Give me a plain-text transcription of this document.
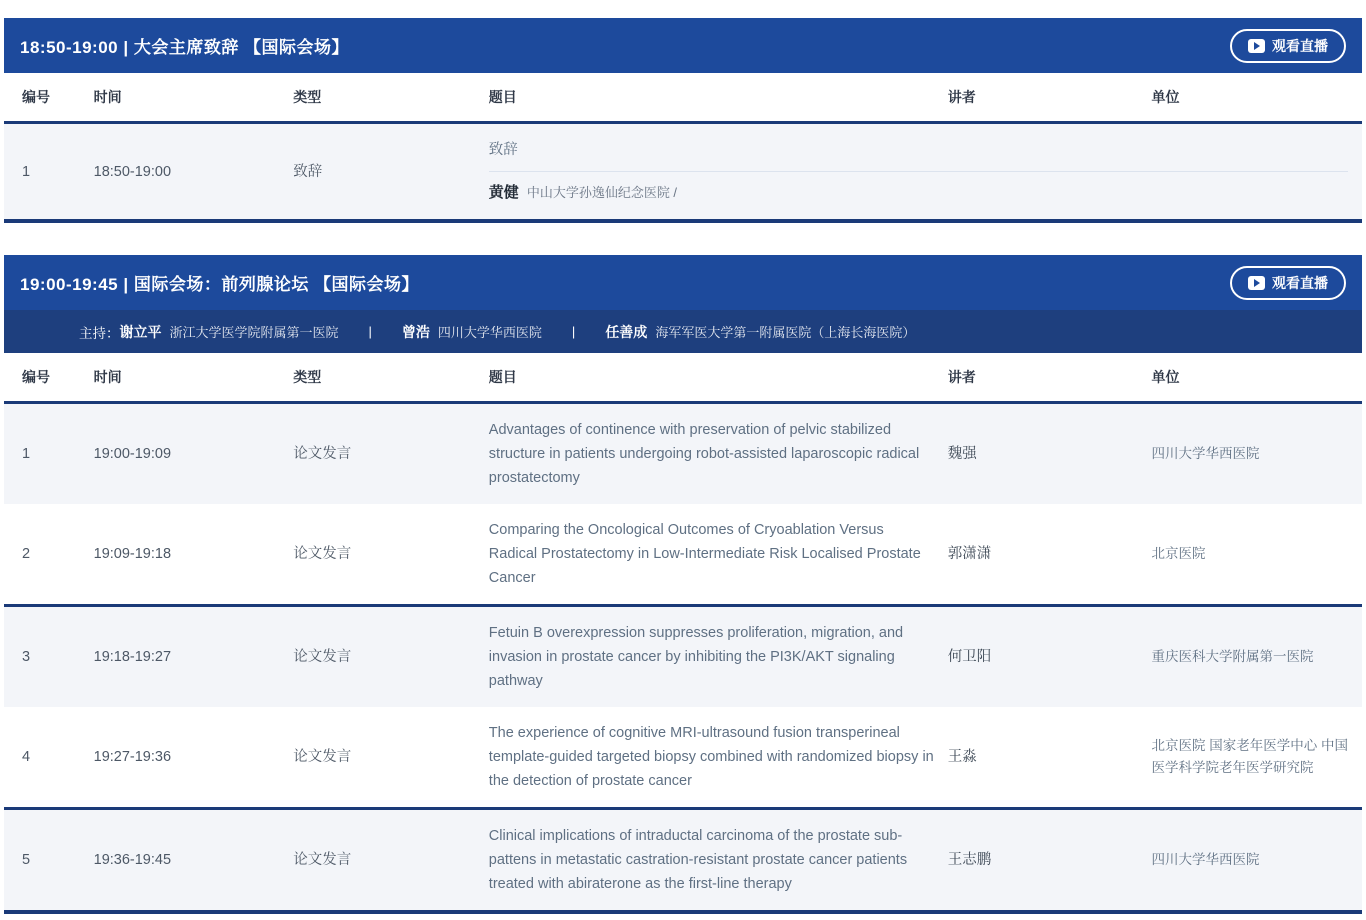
18:50-19:00 | 大会主席致辞 【国际会场】	观看直播
编号	时间	类型	题目	讲者	单位
1	18:50-19:00	致辞	致辞
黄健 中山大学孙逸仙纪念医院 /		
19:00-19:45 | 国际会场：前列腺论坛 【国际会场】	观看直播
主持： 谢立平 浙江大学医学院附属第一医院 | 曾浩 四川大学华西医院 | 任善成 海军军医大学第一附属医院（上海长海医院）
编号	时间	类型	题目	讲者	单位
1	19:00-19:09	论文发言	Advantages of continence with preservation of pelvic stabilized structure in patients undergoing robot-assisted laparoscopic radical prostatectomy	魏强	四川大学华西医院
2	19:09-19:18	论文发言	Comparing the Oncological Outcomes of Cryoablation Versus Radical Prostatectomy in Low-Intermediate Risk Localised Prostate Cancer	郭潇潇	北京医院
3	19:18-19:27	论文发言	Fetuin B overexpression suppresses proliferation, migration, and invasion in prostate cancer by inhibiting the PI3K/AKT signaling pathway	何卫阳	重庆医科大学附属第一医院
4	19:27-19:36	论文发言	The experience of cognitive MRI-ultrasound fusion transperineal template-guided targeted biopsy combined with randomized biopsy in the detection of prostate cancer	王淼	北京医院 国家老年医学中心 中国医学科学院老年医学研究院
5	19:36-19:45	论文发言	Clinical implications of intraductal carcinoma of the prostate sub-pattens in metastatic castration-resistant prostate cancer patients treated with abiraterone as the first-line therapy	王志鹏	四川大学华西医院
